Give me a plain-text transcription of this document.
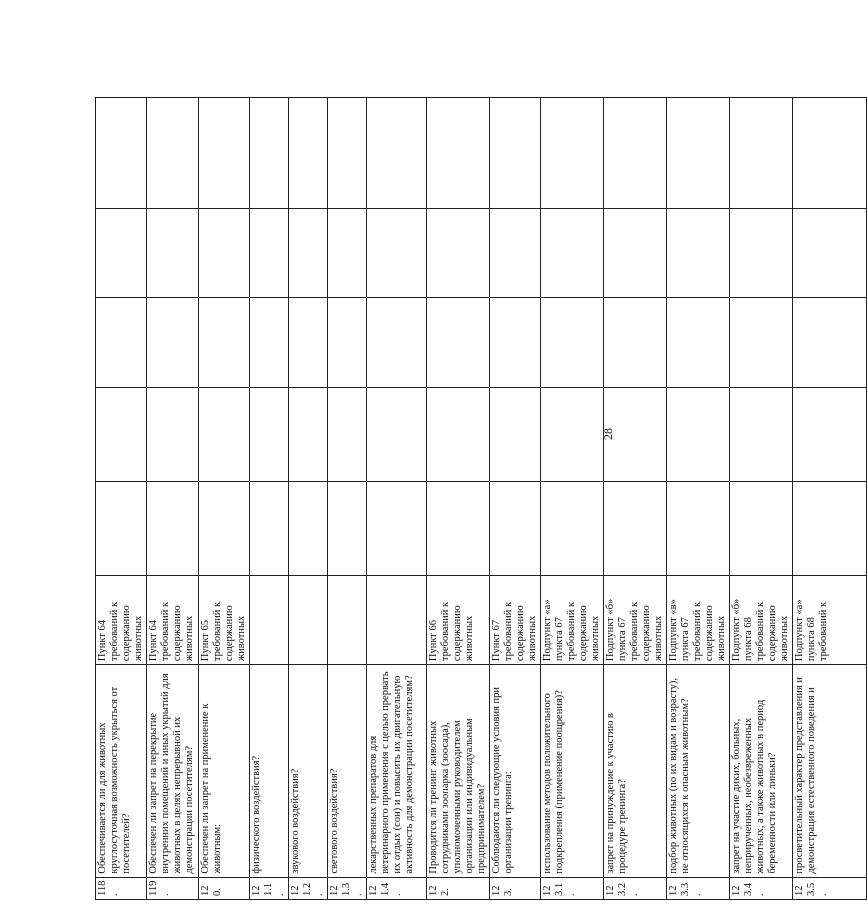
28
118.	Обеспечивается ли для животных круглосуточная возможность укрыться от посетителей?	Пункт 64 требований к содержанию животных					
119.	Обеспечен ли запрет на перекрытие внутренних помещений и иных укрытий для животных в целях непрерывной их демонстрации посетителям?	Пункт 64 требований к содержанию животных					
120.	Обеспечен ли запрет на применение к животным:	Пункт 65 требований к содержанию животных					
121.1.	физического воздействия?						
121.2.	звукового воздействия?						
121.3.	светового воздействия?						
121.4.	лекарственных препаратов для ветеринарного применения с целью прервать их отдых (сон) и повысить их двигательную активность для демонстрации посетителям?						
122.	Проводится ли тренинг животных сотрудниками зоопарка (зоосада), уполномоченными руководителем организации или индивидуальным предпринимателем?	Пункт 66 требований к содержанию животных					
123.	Соблюдаются ли следующие условия при организации тренинга:	Пункт 67 требований к содержанию животных					
123.1.	использование методов положительного подкрепления (применение поощрения)?	Подпункт «а» пункта 67 требований к содержанию животных					
123.2.	запрет на принуждение к участию в процедуре тренинга?	Подпункт «б» пункта 67 требований к содержанию животных					
123.3.	подбор животных (по их видам и возрасту), не относящихся к опасным животным?	Подпункт «в» пункта 67 требований к содержанию животных					
123.4.	запрет на участие диких, больных, неприрученных, необезвреженных животных, а также животных в период беременности или линьки?	Подпункт «б» пункта 68 требований к содержанию животных					
123.5.	просветительный характер представления и демонстрация естественного поведения и	Подпункт «а» пункта 68 требований к					
